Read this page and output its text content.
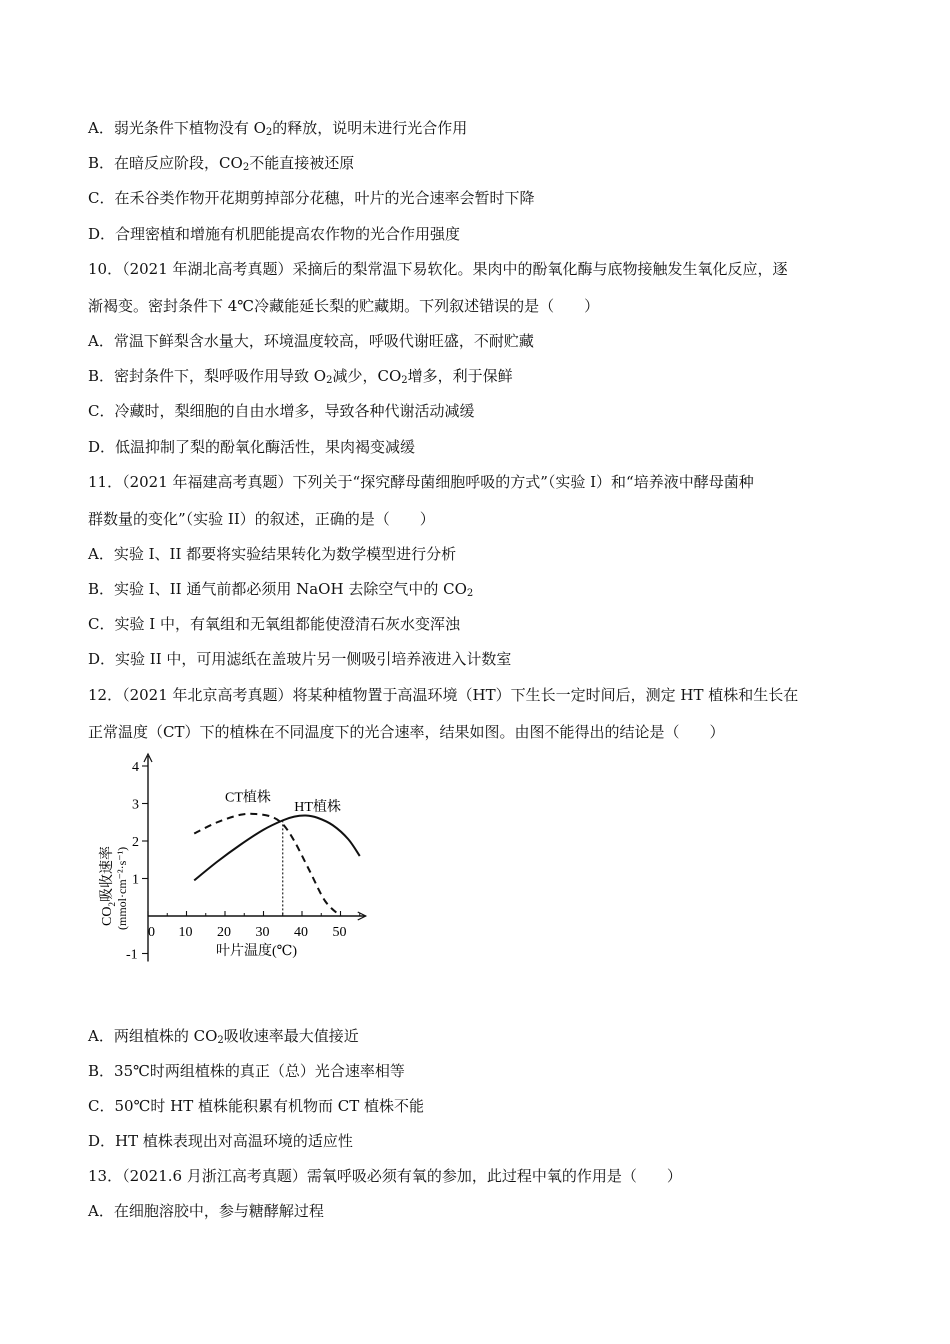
A．弱光条件下植物没有 $O_2$的释放，说明未进行光合作用
B．在暗反应阶段，$CO_2$不能直接被还原
C．在禾谷类作物开花期剪掉部分花穗，叶片的光合速率会暂时下降
D．合理密植和增施有机肥能提高农作物的光合作用强度
10．（2021 年湖北高考真题）采摘后的梨常温下易软化。果肉中的酚氧化酶与底物接触发生氧化反应，逐
渐褐变。密封条件下 4℃冷藏能延长梨的贮藏期。下列叙述错误的是（　　）
A．常温下鲜梨含水量大，环境温度较高，呼吸代谢旺盛，不耐贮藏
B．密封条件下，梨呼吸作用导致 $O_2$减少，$CO_2$增多，利于保鲜
C．冷藏时，梨细胞的自由水增多，导致各种代谢活动减缓
D．低温抑制了梨的酚氧化酶活性，果肉褐变减缓
11．（2021 年福建高考真题）下列关于“探究酵母菌细胞呼吸的方式”（实验 I）和“培养液中酵母菌种
群数量的变化”（实验 II）的叙述，正确的是（　　）
A．实验 I、II 都要将实验结果转化为数学模型进行分析
B．实验 I、II 通气前都必须用 NaOH 去除空气中的 $CO_2$
C．实验 I 中，有氧组和无氧组都能使澄清石灰水变浑浊
D．实验 II 中，可用滤纸在盖玻片另一侧吸引培养液进入计数室
12．（2021 年北京高考真题）将某种植物置于高温环境（HT）下生长一定时间后，测定 HT 植株和生长在
正常温度（CT）下的植株在不同温度下的光合速率，结果如图。由图不能得出的结论是（　　）
0 10 20 30 40 50
4
3
2
1
-1
CT植株
HT植株
叶片温度(℃)
$CO_2$吸收速率 (mmol·cm⁻²·s⁻¹)
A．两组植株的 $CO_2$吸收速率最大值接近
B．35℃时两组植株的真正（总）光合速率相等
C．50℃时 HT 植株能积累有机物而 CT 植株不能
D．HT 植株表现出对高温环境的适应性
13．（2021.6 月浙江高考真题）需氧呼吸必须有氧的参加，此过程中氧的作用是（　　）
A．在细胞溶胶中，参与糖酵解过程
